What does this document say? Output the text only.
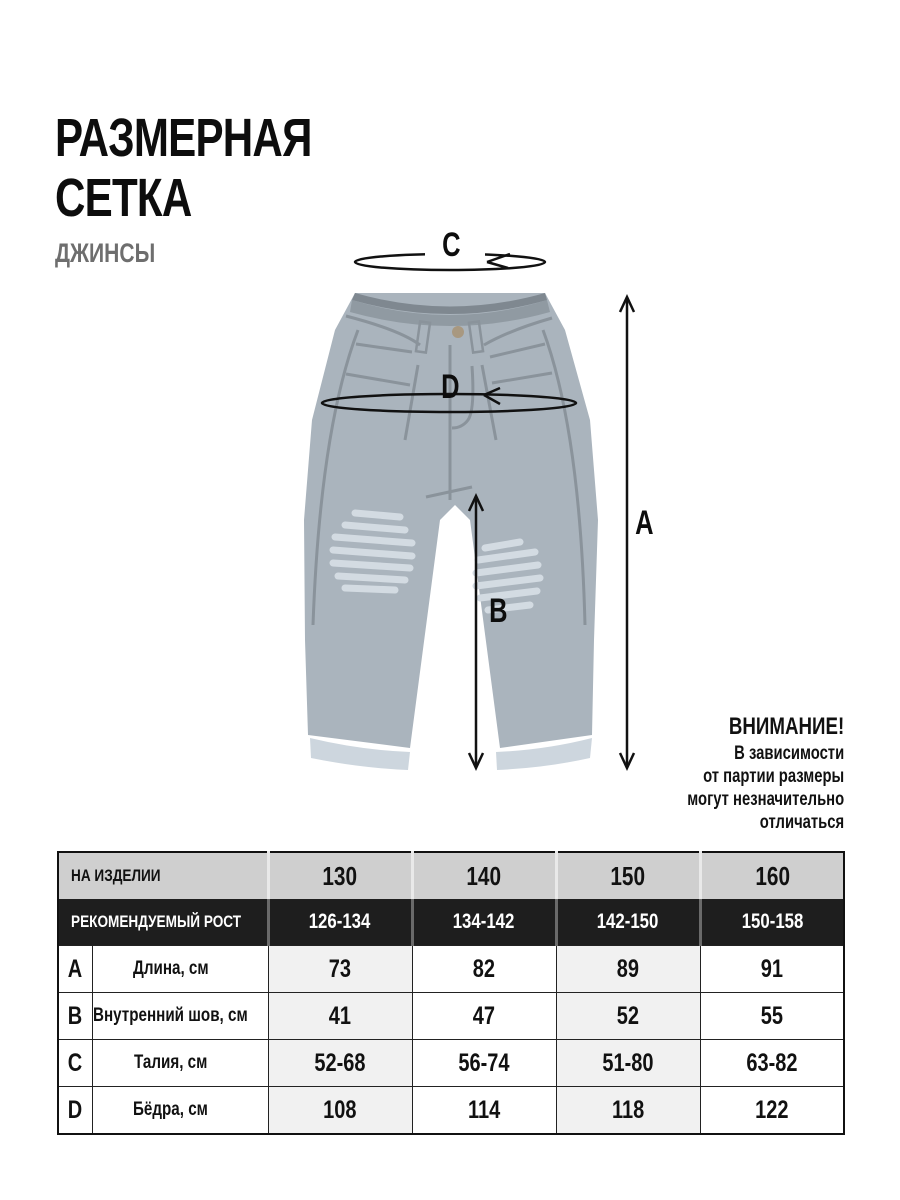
РАЗМЕРНАЯ
СЕТКА
ДЖИНСЫ	C
D
A
B
ВНИМАНИЕ!
В зависимости
от партии размеры
могут незначительно
отличаться
НА ИЗДЕЛИИ		130	140	150	160
РЕКОМЕНДУЕМЫЙ РОСТ		126-134	134-142	142-150	150-158
A	Длина, см	73	82	89	91
B	Внутренний шов, см	41	47	52	55
C	Талия, см	52-68	56-74	51-80	63-82
D	Бёдра, см	108	114	118	122
